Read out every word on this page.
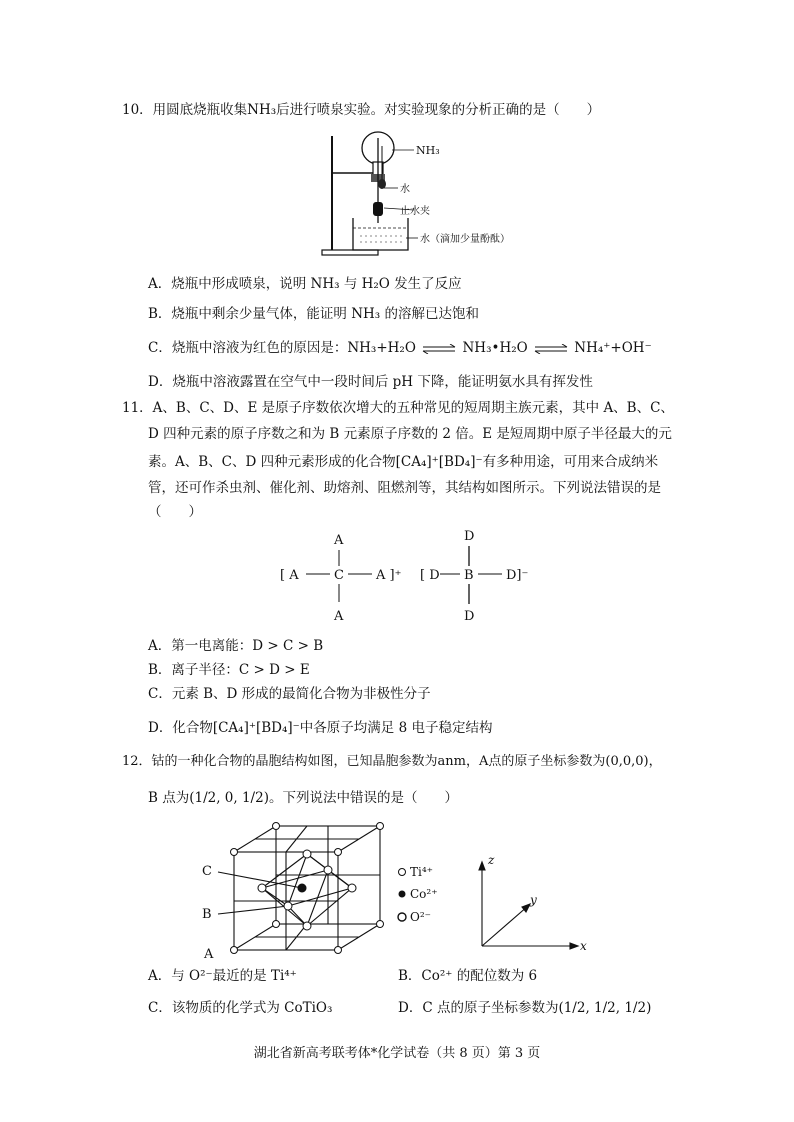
10．用圆底烧瓶收集NH₃后进行喷泉实验。对实验现象的分析正确的是（　　）
NH₃
水
止水夹
水（滴加少量酚酞）
A．烧瓶中形成喷泉，说明 NH₃ 与 H₂O 发生了反应
B．烧瓶中剩余少量气体，能证明 NH₃ 的溶解已达饱和
C．烧瓶中溶液为红色的原因是：NH₃+H₂O ⇌ NH₃•H₂O ⇌ NH₄⁺+OH⁻
D．烧瓶中溶液露置在空气中一段时间后 pH 下降，能证明氨水具有挥发性
11．A、B、C、D、E 是原子序数依次增大的五种常见的短周期主族元素，其中 A、B、C、
D 四种元素的原子序数之和为 B 元素原子序数的 2 倍。E 是短周期中原子半径最大的元
素。A、B、C、D 四种元素形成的化合物[CA₄]⁺[BD₄]⁻有多种用途，可用来合成纳米
管，还可作杀虫剂、催化剂、助熔剂、阻燃剂等，其结构如图所示。下列说法错误的是
（　　）
A
[ A	C A ]⁺
A
D
[ D B D]⁻
D
A．第一电离能：D > C > B
B．离子半径：C > D > E
C．元素 B、D 形成的最简化合物为非极性分子
D．化合物[CA₄]⁺[BD₄]⁻中各原子均满足 8 电子稳定结构
12．钴的一种化合物的晶胞结构如图，已知晶胞参数为anm，A点的原子坐标参数为(0,0,0)，
B 点为(1/2, 0, 1/2)。下列说法中错误的是（　　）
C
B
A
Ti⁴⁺
Co²⁺
O²⁻
z
y
x
A．与 O²⁻最近的是 Ti⁴⁺	B．Co²⁺ 的配位数为 6
C．该物质的化学式为 CoTiO₃	D．C 点的原子坐标参数为(1/2, 1/2, 1/2)
湖北省新高考联考体*化学试卷（共 8 页）第 3 页
